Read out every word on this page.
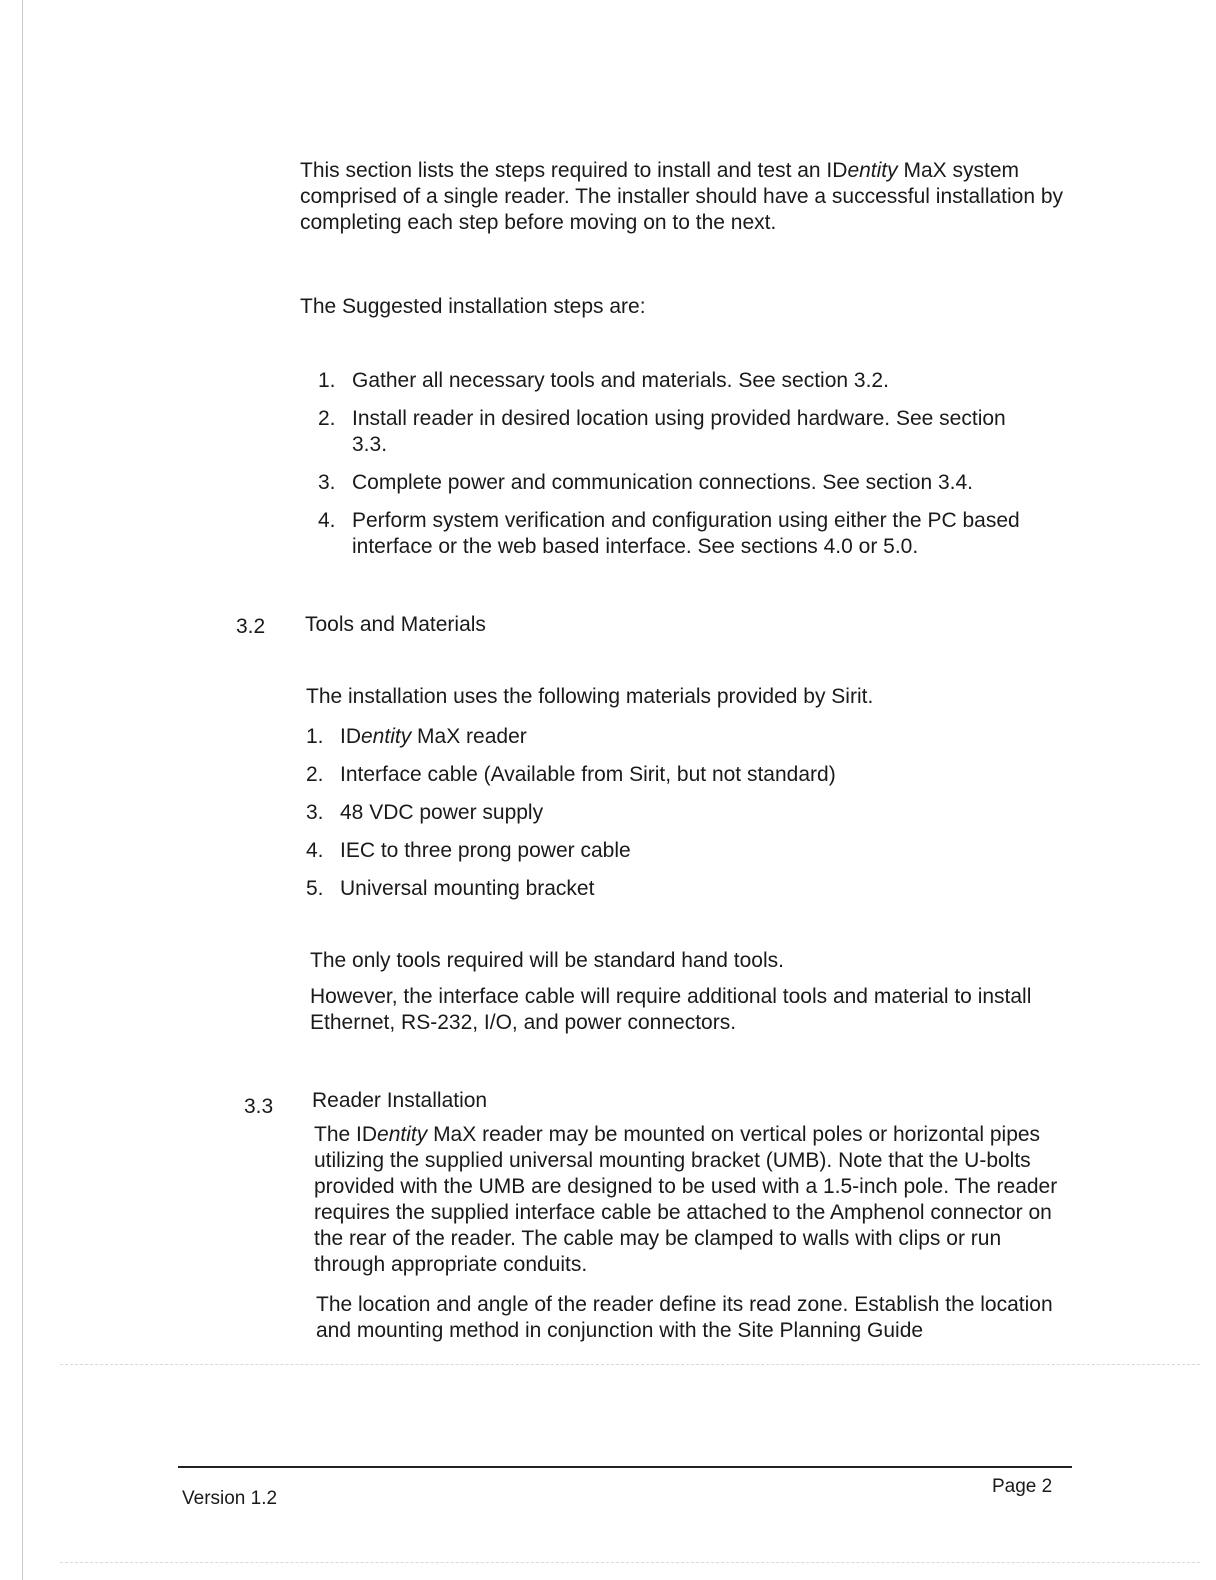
This section lists the steps required to install and test an IDentity MaX system comprised of a single reader. The installer should have a successful installation by completing each step before moving on to the next.

The Suggested installation steps are:

1. Gather all necessary tools and materials. See section 3.2.
2. Install reader in desired location using provided hardware. See section 3.3.
3. Complete power and communication connections. See section 3.4.
4. Perform system verification and configuration using either the PC based interface or the web based interface. See sections 4.0 or 5.0.
3.2 Tools and Materials

The installation uses the following materials provided by Sirit.

1. IDentity MaX reader
2. Interface cable (Available from Sirit, but not standard)
3. 48 VDC power supply
4. IEC to three prong power cable
5. Universal mounting bracket

The only tools required will be standard hand tools.

However, the interface cable will require additional tools and material to install Ethernet, RS-232, I/O, and power connectors.

3.3 Reader Installation

The IDentity MaX reader may be mounted on vertical poles or horizontal pipes utilizing the supplied universal mounting bracket (UMB). Note that the U-bolts provided with the UMB are designed to be used with a 1.5-inch pole. The reader requires the supplied interface cable be attached to the Amphenol connector on the rear of the reader. The cable may be clamped to walls with clips or run through appropriate conduits.

The location and angle of the reader define its read zone. Establish the location and mounting method in conjunction with the Site Planning Guide

Version 1.2
Page 2
